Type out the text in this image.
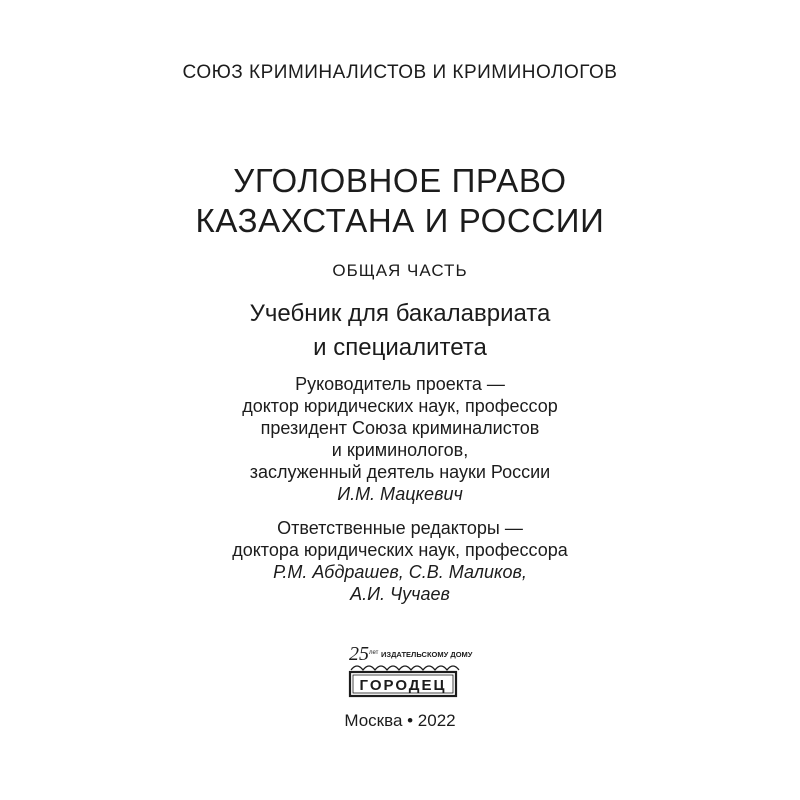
СОЮЗ КРИМИНАЛИСТОВ И КРИМИНОЛОГОВ
УГОЛОВНОЕ ПРАВО
КАЗАХСТАНА И РОССИИ
ОБЩАЯ ЧАСТЬ
Учебник для бакалавриата
и специалитета
Руководитель проекта —
доктор юридических наук, профессор
президент Союза криминалистов
и криминологов,
заслуженный деятель науки России
И.М. Мацкевич
Ответственные редакторы —
доктора юридических наук, профессора
Р.М. Абдрашев, С.В. Маликов,
А.И. Чучаев
25 лет ИЗДАТЕЛЬСКОМУ ДОМУ
ГОРОДЕЦ
Москва • 2022
